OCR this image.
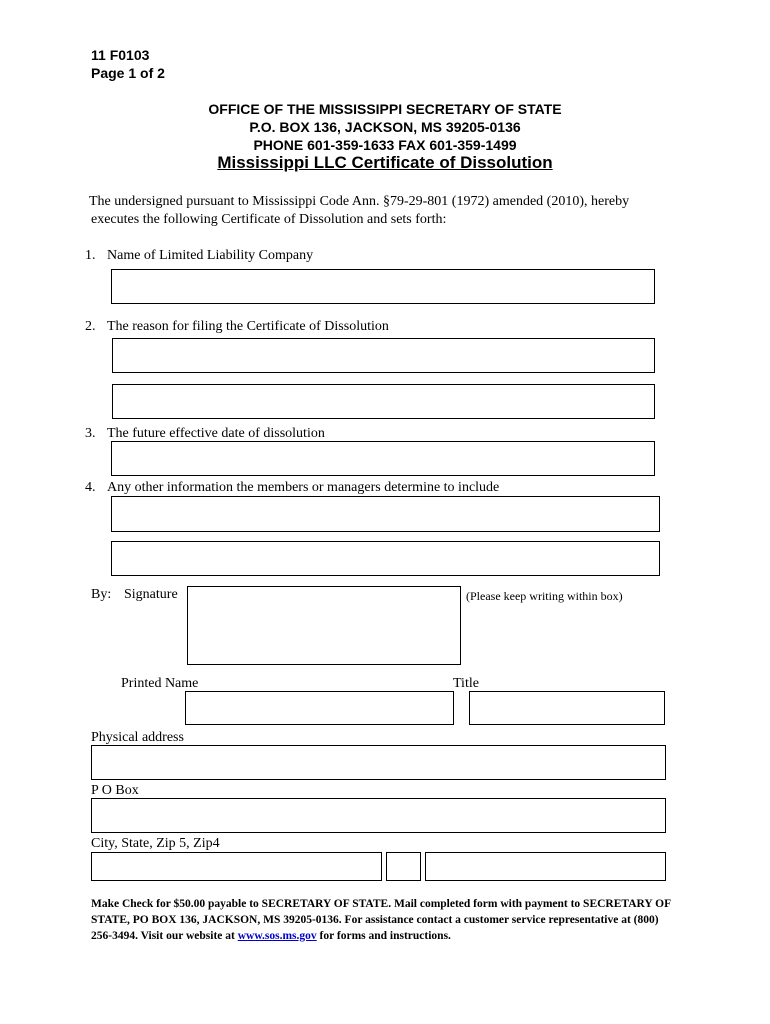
11 F0103
Page 1 of 2
OFFICE OF THE MISSISSIPPI SECRETARY OF STATE
P.O. BOX 136, JACKSON, MS 39205-0136
PHONE 601-359-1633 FAX 601-359-1499
Mississippi LLC Certificate of Dissolution
The undersigned pursuant to Mississippi Code Ann. §79-29-801 (1972) amended (2010), hereby
executes the following Certificate of Dissolution and sets forth:
1. Name of Limited Liability Company
2. The reason for filing the Certificate of Dissolution
3. The future effective date of dissolution
4. Any other information the members or managers determine to include
By: Signature	(Please keep writing within box)
Printed Name	Title
Physical address
P O Box
City, State, Zip 5, Zip4
Make Check for $50.00 payable to SECRETARY OF STATE. Mail completed form with payment to SECRETARY OF STATE, PO BOX 136, JACKSON, MS 39205-0136. For assistance contact a customer service representative at (800) 256-3494. Visit our website at www.sos.ms.gov for forms and instructions.
